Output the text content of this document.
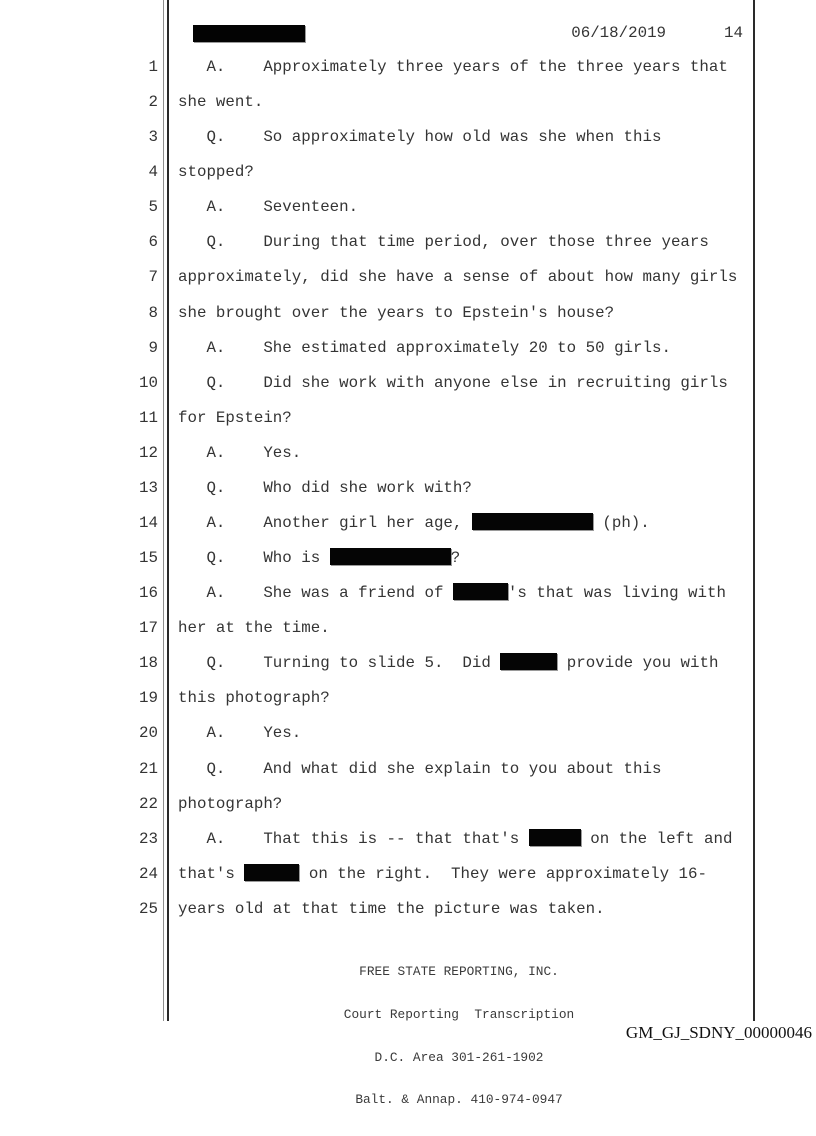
06/18/2019	14
1 A.    Approximately three years of the three years that
2 she went.
3 Q.    So approximately how old was she when this
4 stopped?
5 A.    Seventeen.
6 Q.    During that time period, over those three years
7 approximately, did she have a sense of about how many girls
8 she brought over the years to Epstein's house?
9 A.    She estimated approximately 20 to 50 girls.
10 Q.    Did she work with anyone else in recruiting girls
11 for Epstein?
12 A.    Yes.
13 Q.    Who did she work with?
14 A.    Another girl her age,	(ph).
15 Q.    Who is	?
16 A.    She was a friend of	's that was living with
17 her at the time.
18 Q.    Turning to slide 5.  Did	provide you with
19 this photograph?
20 A.    Yes.
21 Q.    And what did she explain to you about this
22 photograph?
23 A.    That this is -- that that's	on the left and
24 that's	on the right.  They were approximately 16-
25 years old at that time the picture was taken.

FREE STATE REPORTING, INC.

Court Reporting  Transcription

D.C. Area 301-261-1902

Balt. & Annap. 410-974-0947

GM_GJ_SDNY_00000046
